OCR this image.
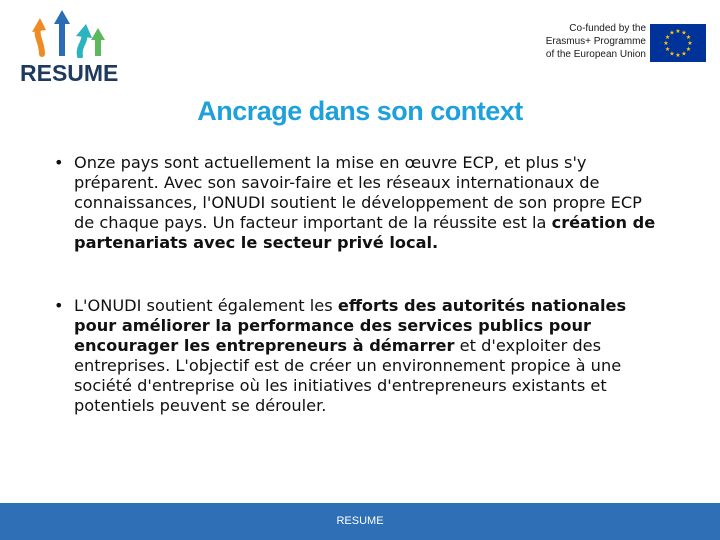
RESUME
Co-funded by the
Erasmus+ Programme
of the European Union
★ ★
★
★
★
★
★
★
★
★
★
★
Ancrage dans son context
• Onze pays sont actuellement la mise en œuvre ECP, et plus s'y préparent. Avec son savoir-faire et les réseaux internationaux de connaissances, l'ONUDI soutient le développement de son propre ECP de chaque pays. Un facteur important de la réussite est la création de partenariats avec le secteur privé local.
• L'ONUDI soutient également les efforts des autorités nationales pour améliorer la performance des services publics pour encourager les entrepreneurs à démarrer et d'exploiter des entreprises. L'objectif est de créer un environnement propice à une société d'entreprise où les initiatives d'entrepreneurs existants et potentiels peuvent se dérouler.
RESUME
